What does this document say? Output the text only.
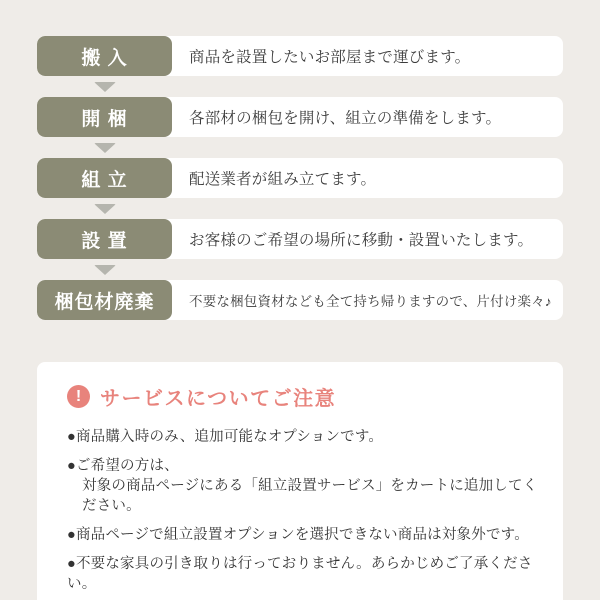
搬 入	商品を設置したいお部屋まで運びます。
開 梱	各部材の梱包を開け、組立の準備をします。
組 立	配送業者が組み立てます。
設 置	お客様のご希望の場所に移動・設置いたします。
梱包材廃棄	不要な梱包資材なども全て持ち帰りますので、片付け楽々♪
! サービスについてご注意
●商品購入時のみ、追加可能なオプションです。
●ご希望の方は、
対象の商品ページにある「組立設置サービス」をカートに追加してください。
●商品ページで組立設置オプションを選択できない商品は対象外です。
●不要な家具の引き取りは行っておりません。あらかじめご了承ください。
